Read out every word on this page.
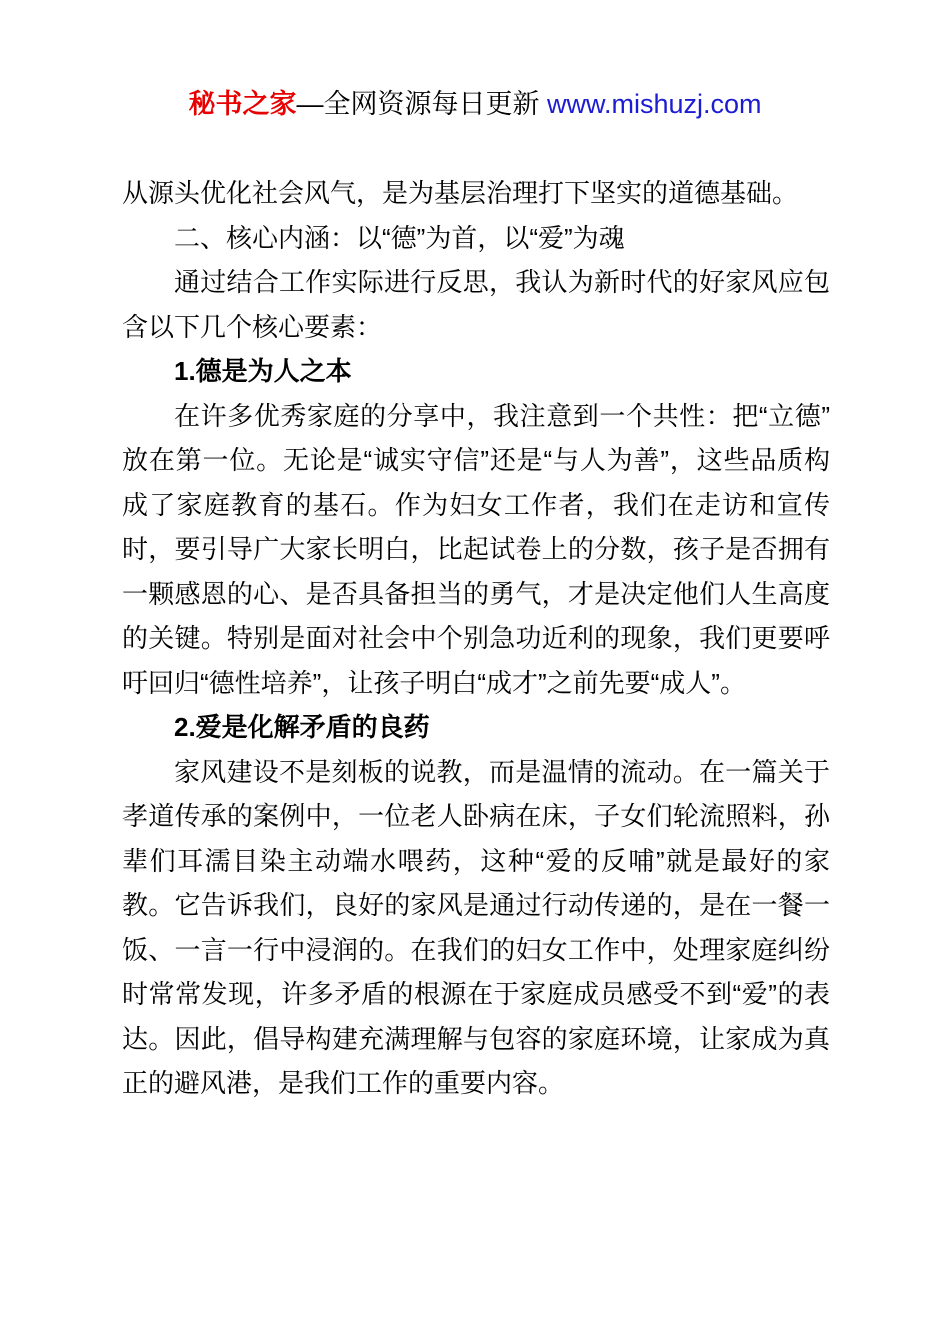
秘书之家—全网资源每日更新 www.mishuzj.com

从源头优化社会风气，是为基层治理打下坚实的道德基础。

二、核心内涵：以“德”为首，以“爱”为魂

通过结合工作实际进行反思，我认为新时代的好家风应包含以下几个核心要素：

1.德是为人之本

在许多优秀家庭的分享中，我注意到一个共性：把“立德”放在第一位。无论是“诚实守信”还是“与人为善”，这些品质构成了家庭教育的基石。作为妇女工作者，我们在走访和宣传时，要引导广大家长明白，比起试卷上的分数，孩子是否拥有一颗感恩的心、是否具备担当的勇气，才是决定他们人生高度的关键。特别是面对社会中个别急功近利的现象，我们更要呼吁回归“德性培养”，让孩子明白“成才”之前先要“成人”。

2.爱是化解矛盾的良药

家风建设不是刻板的说教，而是温情的流动。在一篇关于孝道传承的案例中，一位老人卧病在床，子女们轮流照料，孙辈们耳濡目染主动端水喂药，这种“爱的反哺”就是最好的家教。它告诉我们，良好的家风是通过行动传递的，是在一餐一饭、一言一行中浸润的。在我们的妇女工作中，处理家庭纠纷时常常发现，许多矛盾的根源在于家庭成员感受不到“爱”的表达。因此，倡导构建充满理解与包容的家庭环境，让家成为真正的避风港，是我们工作的重要内容。
